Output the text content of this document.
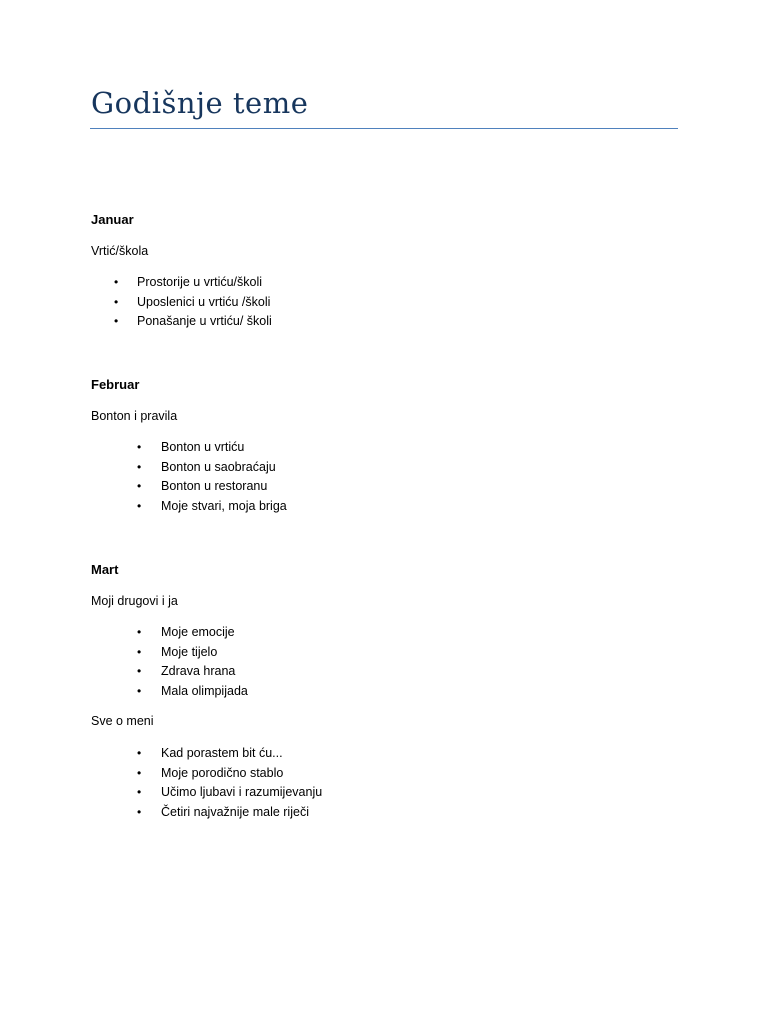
Godišnje teme

Januar

Vrtić/škola

• Prostorije u vrtiću/školi
• Uposlenici u vrtiću /školi
• Ponašanje u vrtiću/ školi

Februar

Bonton i pravila

• Bonton u vrtiću
• Bonton u saobraćaju
• Bonton u restoranu
• Moje stvari, moja briga

Mart

Moji drugovi i ja

• Moje emocije
• Moje tijelo
• Zdrava hrana
• Mala olimpijada

Sve o meni

• Kad porastem bit ću...
• Moje porodično stablo
• Učimo ljubavi i razumijevanju
• Četiri najvažnije male riječi
